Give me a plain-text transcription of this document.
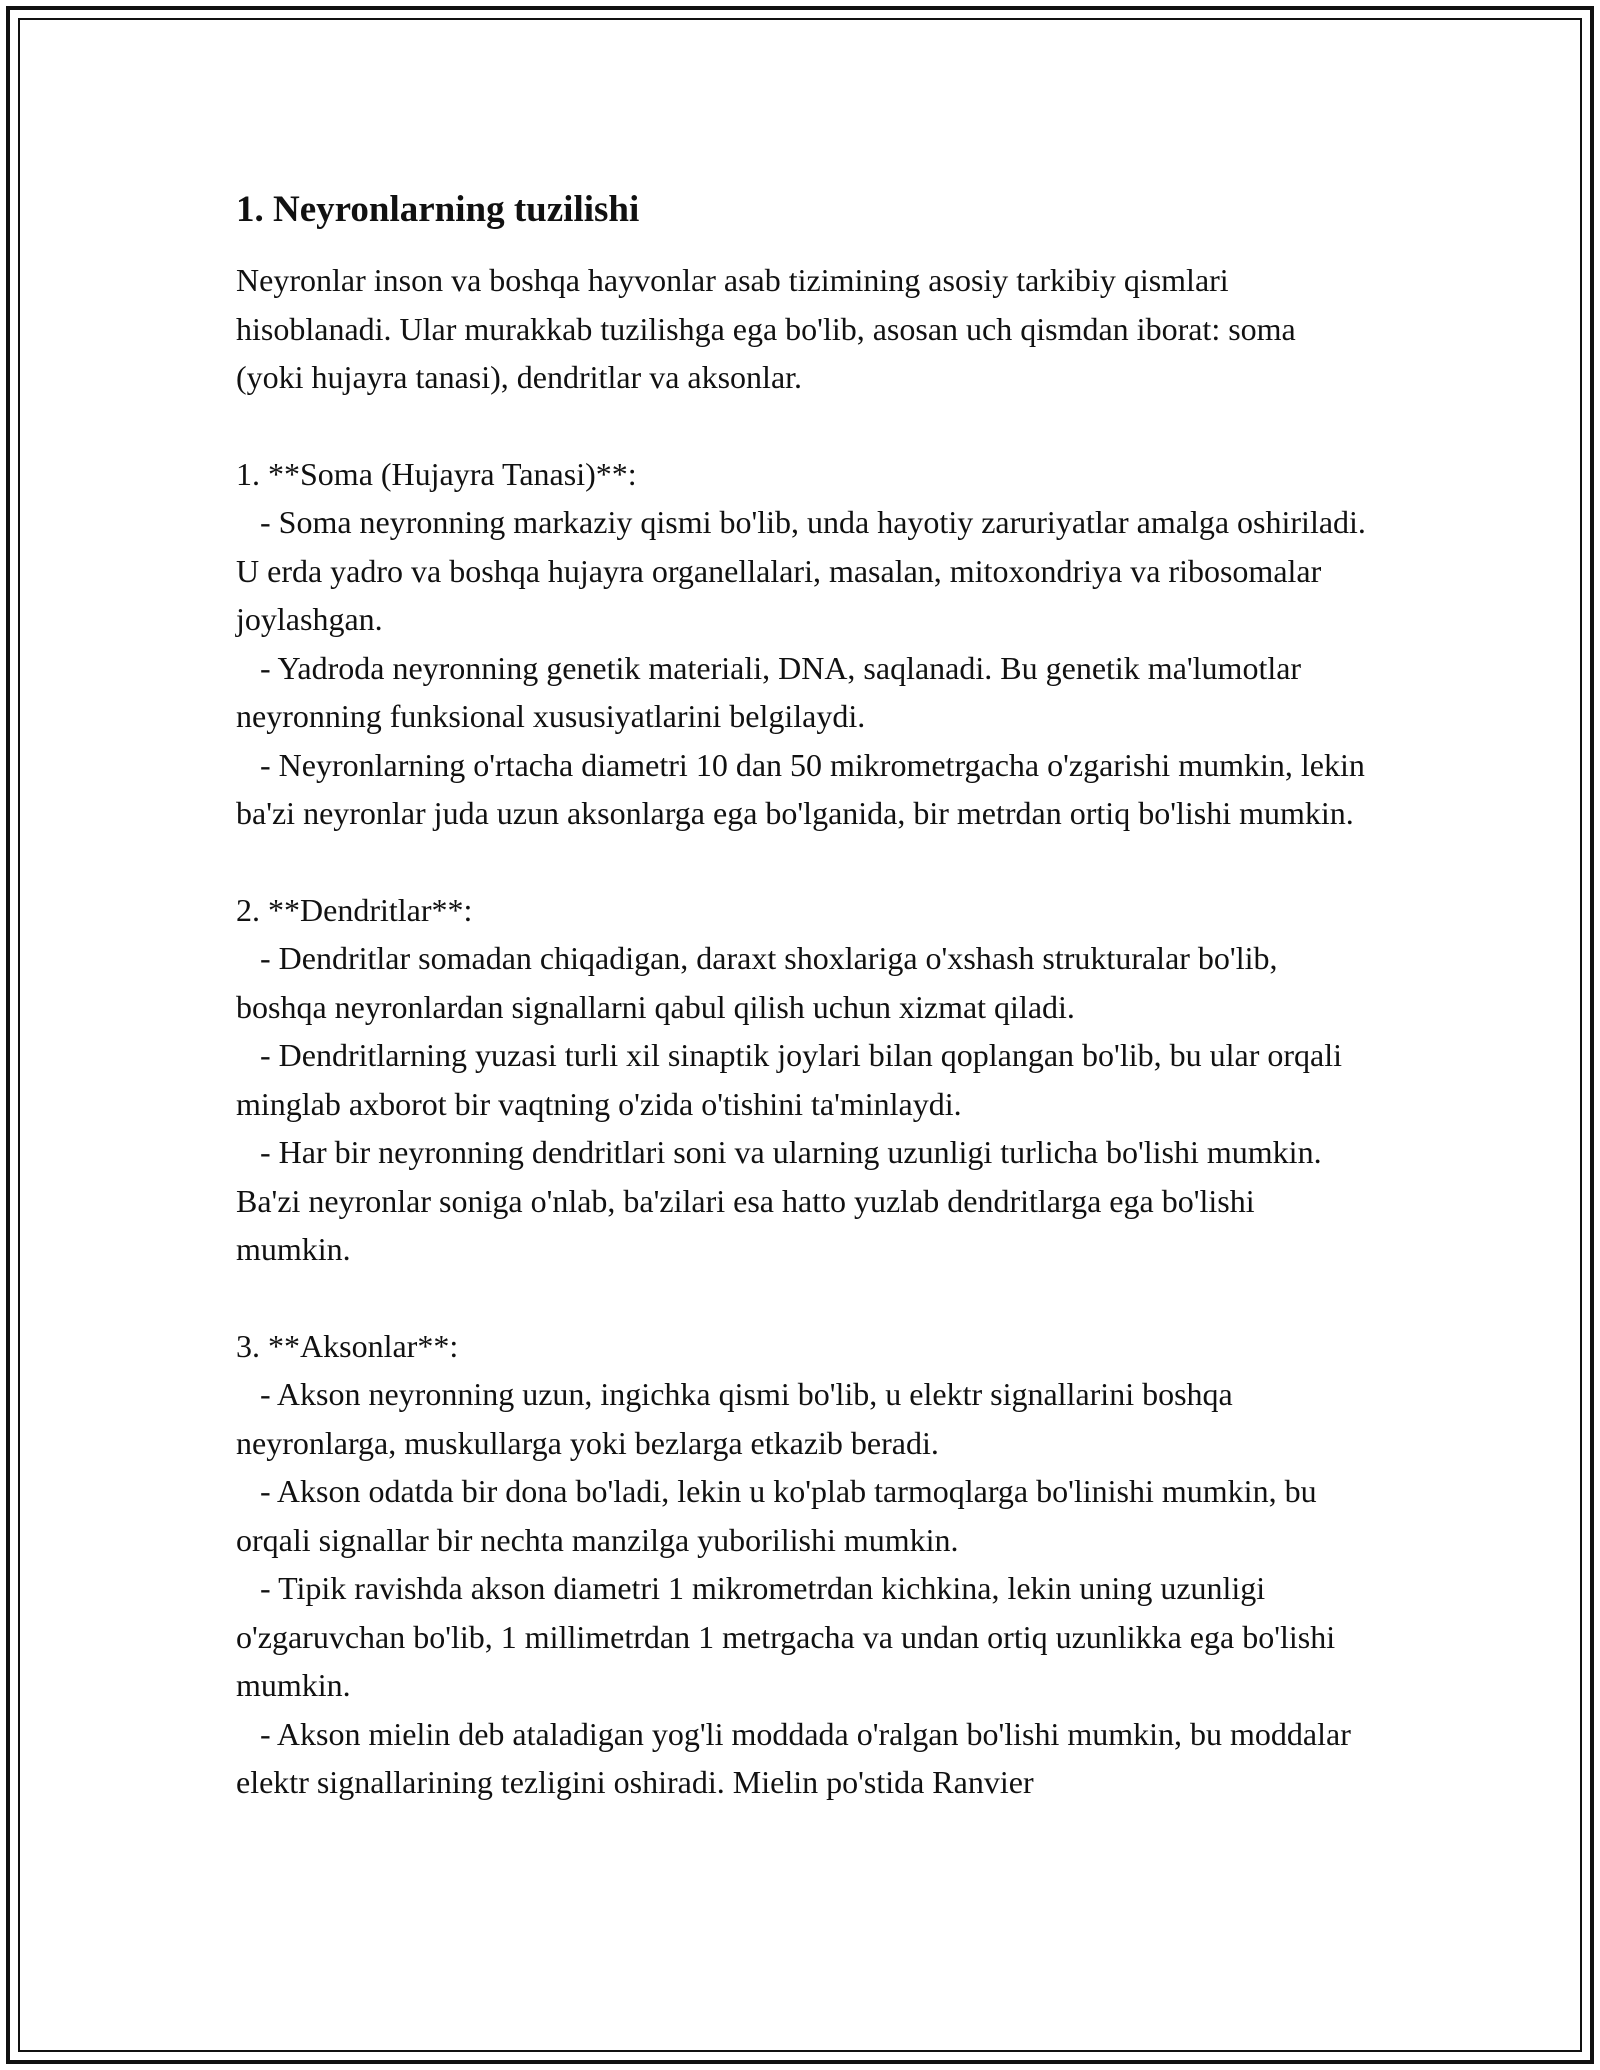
1. Neyronlarning tuzilishi

Neyronlar inson va boshqa hayvonlar asab tizimining asosiy tarkibiy qismlari hisoblanadi. Ular murakkab tuzilishga ega bo'lib, asosan uch qismdan iborat: soma (yoki hujayra tanasi), dendritlar va aksonlar.

1. **Soma (Hujayra Tanasi)**:

- Soma neyronning markaziy qismi bo'lib, unda hayotiy zaruriyatlar amalga oshiriladi. U erda yadro va boshqa hujayra organellalari, masalan, mitoxondriya va ribosomalar joylashgan.

- Yadroda neyronning genetik materiali, DNA, saqlanadi. Bu genetik ma'lumotlar neyronning funksional xususiyatlarini belgilaydi.

- Neyronlarning o'rtacha diametri 10 dan 50 mikrometrgacha o'zgarishi mumkin, lekin ba'zi neyronlar juda uzun aksonlarga ega bo'lganida, bir metrdan ortiq bo'lishi mumkin.

2. **Dendritlar**:

- Dendritlar somadan chiqadigan, daraxt shoxlariga o'xshash strukturalar bo'lib, boshqa neyronlardan signallarni qabul qilish uchun xizmat qiladi.

- Dendritlarning yuzasi turli xil sinaptik joylari bilan qoplangan bo'lib, bu ular orqali minglab axborot bir vaqtning o'zida o'tishini ta'minlaydi.

- Har bir neyronning dendritlari soni va ularning uzunligi turlicha bo'lishi mumkin. Ba'zi neyronlar soniga o'nlab, ba'zilari esa hatto yuzlab dendritlarga ega bo'lishi mumkin.

3. **Aksonlar**:

- Akson neyronning uzun, ingichka qismi bo'lib, u elektr signallarini boshqa neyronlarga, muskullarga yoki bezlarga etkazib beradi.

- Akson odatda bir dona bo'ladi, lekin u ko'plab tarmoqlarga bo'linishi mumkin, bu orqali signallar bir nechta manzilga yuborilishi mumkin.

- Tipik ravishda akson diametri 1 mikrometrdan kichkina, lekin uning uzunligi o'zgaruvchan bo'lib, 1 millimetrdan 1 metrgacha va undan ortiq uzunlikka ega bo'lishi mumkin.

- Akson mielin deb ataladigan yog'li moddada o'ralgan bo'lishi mumkin, bu moddalar elektr signallarining tezligini oshiradi. Mielin po'stida Ranvier
